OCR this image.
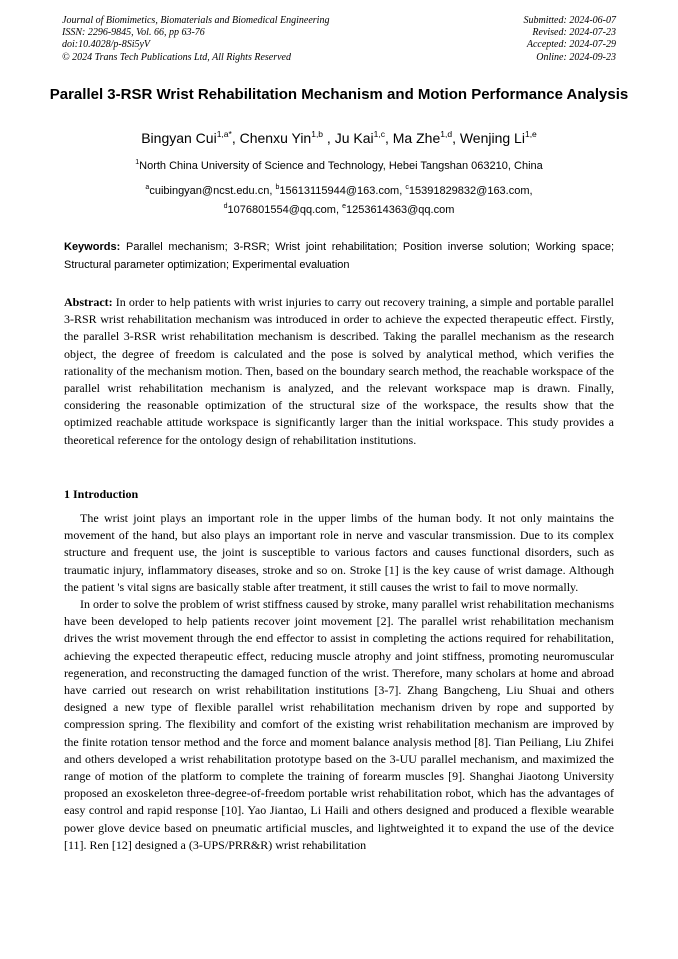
Journal of Biomimetics, Biomaterials and Biomedical Engineering
ISSN: 2296-9845, Vol. 66, pp 63-76
doi:10.4028/p-8Si5yV
© 2024 Trans Tech Publications Ltd, All Rights Reserved
Submitted: 2024-06-07
Revised: 2024-07-23
Accepted: 2024-07-29
Online: 2024-09-23
Parallel 3-RSR Wrist Rehabilitation Mechanism and Motion Performance Analysis
Bingyan Cui$^{1,a*}$, Chenxu Yin$^{1,b}$ , Ju Kai$^{1,c}$, Ma Zhe$^{1,d}$, Wenjing Li$^{1,e}$
$^1$North China University of Science and Technology, Hebei Tangshan 063210, China
$^a$cuibingyan@ncst.edu.cn, $^b$15613115944@163.com, $^c$15391829832@163.com,
$^d$1076801554@qq.com, $^e$1253614363@qq.com
Keywords: Parallel mechanism; 3-RSR; Wrist joint rehabilitation; Position inverse solution; Working space; Structural parameter optimization; Experimental evaluation
Abstract: In order to help patients with wrist injuries to carry out recovery training, a simple and portable parallel 3-RSR wrist rehabilitation mechanism was introduced in order to achieve the expected therapeutic effect. Firstly, the parallel 3-RSR wrist rehabilitation mechanism is described. Taking the parallel mechanism as the research object, the degree of freedom is calculated and the pose is solved by analytical method, which verifies the rationality of the mechanism motion. Then, based on the boundary search method, the reachable workspace of the parallel wrist rehabilitation mechanism is analyzed, and the relevant workspace map is drawn. Finally, considering the reasonable optimization of the structural size of the workspace, the results show that the optimized reachable attitude workspace is significantly larger than the initial workspace. This study provides a theoretical reference for the ontology design of rehabilitation institutions.
1 Introduction

The wrist joint plays an important role in the upper limbs of the human body. It not only maintains the movement of the hand, but also plays an important role in nerve and vascular transmission. Due to its complex structure and frequent use, the joint is susceptible to various factors and causes functional disorders, such as traumatic injury, inflammatory diseases, stroke and so on. Stroke [1] is the key cause of wrist damage. Although the patient 's vital signs are basically stable after treatment, it still causes the wrist to fail to move normally.

In order to solve the problem of wrist stiffness caused by stroke, many parallel wrist rehabilitation mechanisms have been developed to help patients recover joint movement [2]. The parallel wrist rehabilitation mechanism drives the wrist movement through the end effector to assist in completing the actions required for rehabilitation, achieving the expected therapeutic effect, reducing muscle atrophy and joint stiffness, promoting neuromuscular regeneration, and reconstructing the damaged function of the wrist. Therefore, many scholars at home and abroad have carried out research on wrist rehabilitation institutions [3-7]. Zhang Bangcheng, Liu Shuai and others designed a new type of flexible parallel wrist rehabilitation mechanism driven by rope and supported by compression spring. The flexibility and comfort of the existing wrist rehabilitation mechanism are improved by the finite rotation tensor method and the force and moment balance analysis method [8]. Tian Peiliang, Liu Zhifei and others developed a wrist rehabilitation prototype based on the 3-UU parallel mechanism, and maximized the range of motion of the platform to complete the training of forearm muscles [9]. Shanghai Jiaotong University proposed an exoskeleton three-degree-of-freedom portable wrist rehabilitation robot, which has the advantages of easy control and rapid response [10]. Yao Jiantao, Li Haili and others designed and produced a flexible wearable power glove device based on pneumatic artificial muscles, and lightweighted it to expand the use of the device [11]. Ren [12] designed a (3-UPS/PRR&R) wrist rehabilitation
